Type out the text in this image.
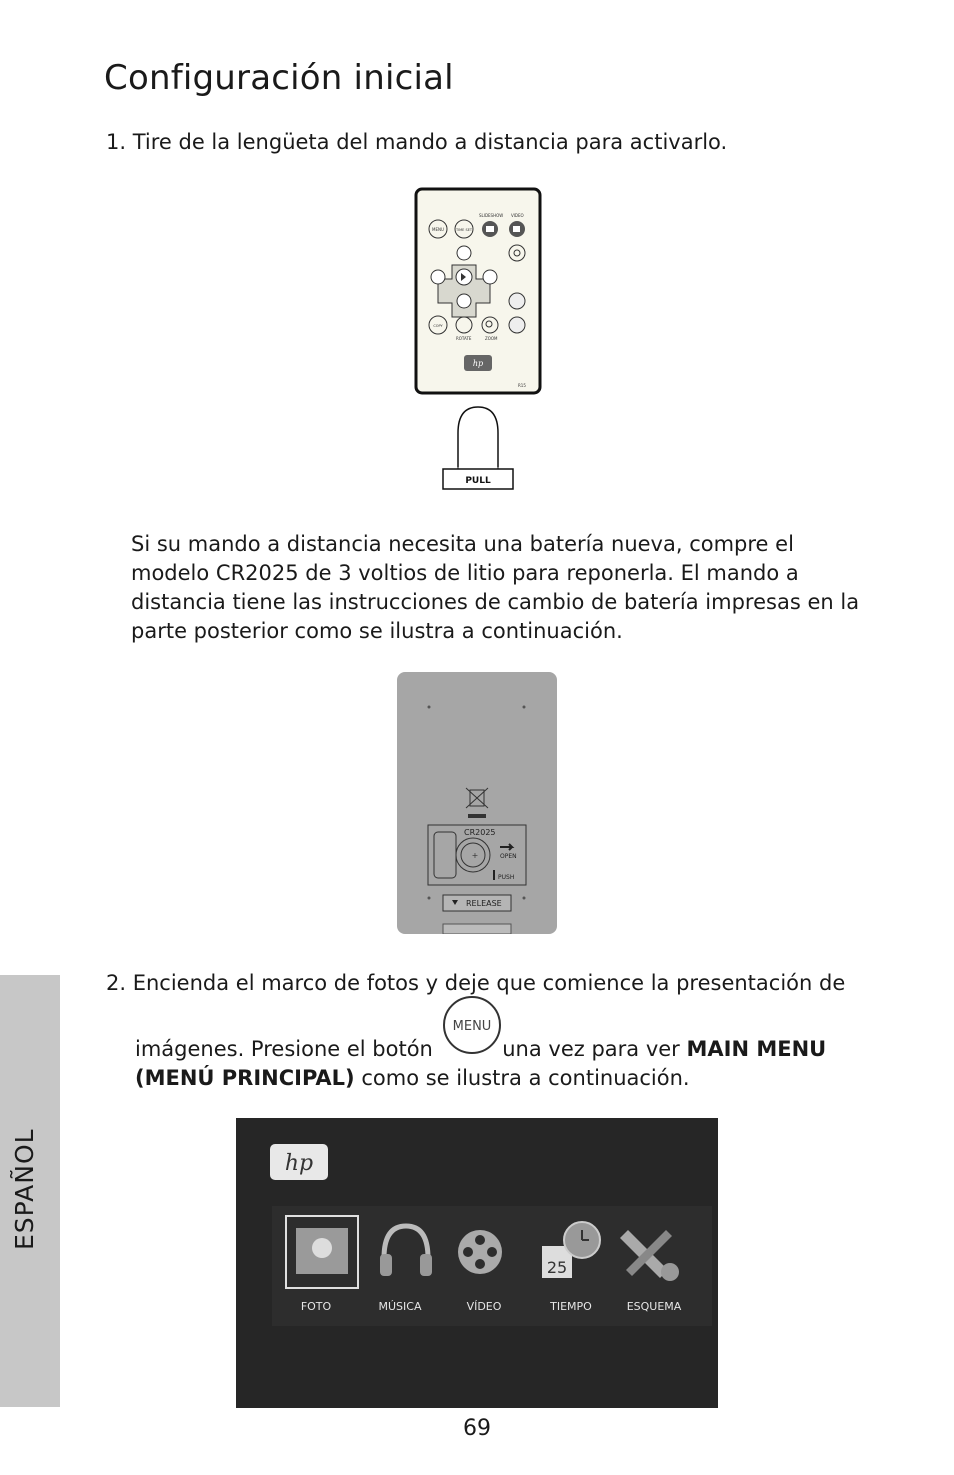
Configuración inicial
1. Tire de la lengüeta del mando a distancia para activarlo.
SLIDESHOW VIDEO
MENU	TIME SET
COPY
ROTATE	ZOOM
R15
hp
PULL
Si su mando a distancia necesita una batería nueva, compre el modelo CR2025 de 3 voltios de litio para reponerla. El mando a distancia tiene las instrucciones de cambio de batería impresas en la parte posterior como se ilustra a continuación.
+
CR2025
OPEN
PUSH
RELEASE
2. Encienda el marco de fotos y deje que comience la presentación de
imágenes. Presione el botón	una vez para ver MAIN MENU (MENÚ PRINCIPAL) como se ilustra a continuación.
MENU
hp
25
FOTO	MÚSICA	VÍDEO	TIEMPO	ESQUEMA
ESPAÑOL
69
